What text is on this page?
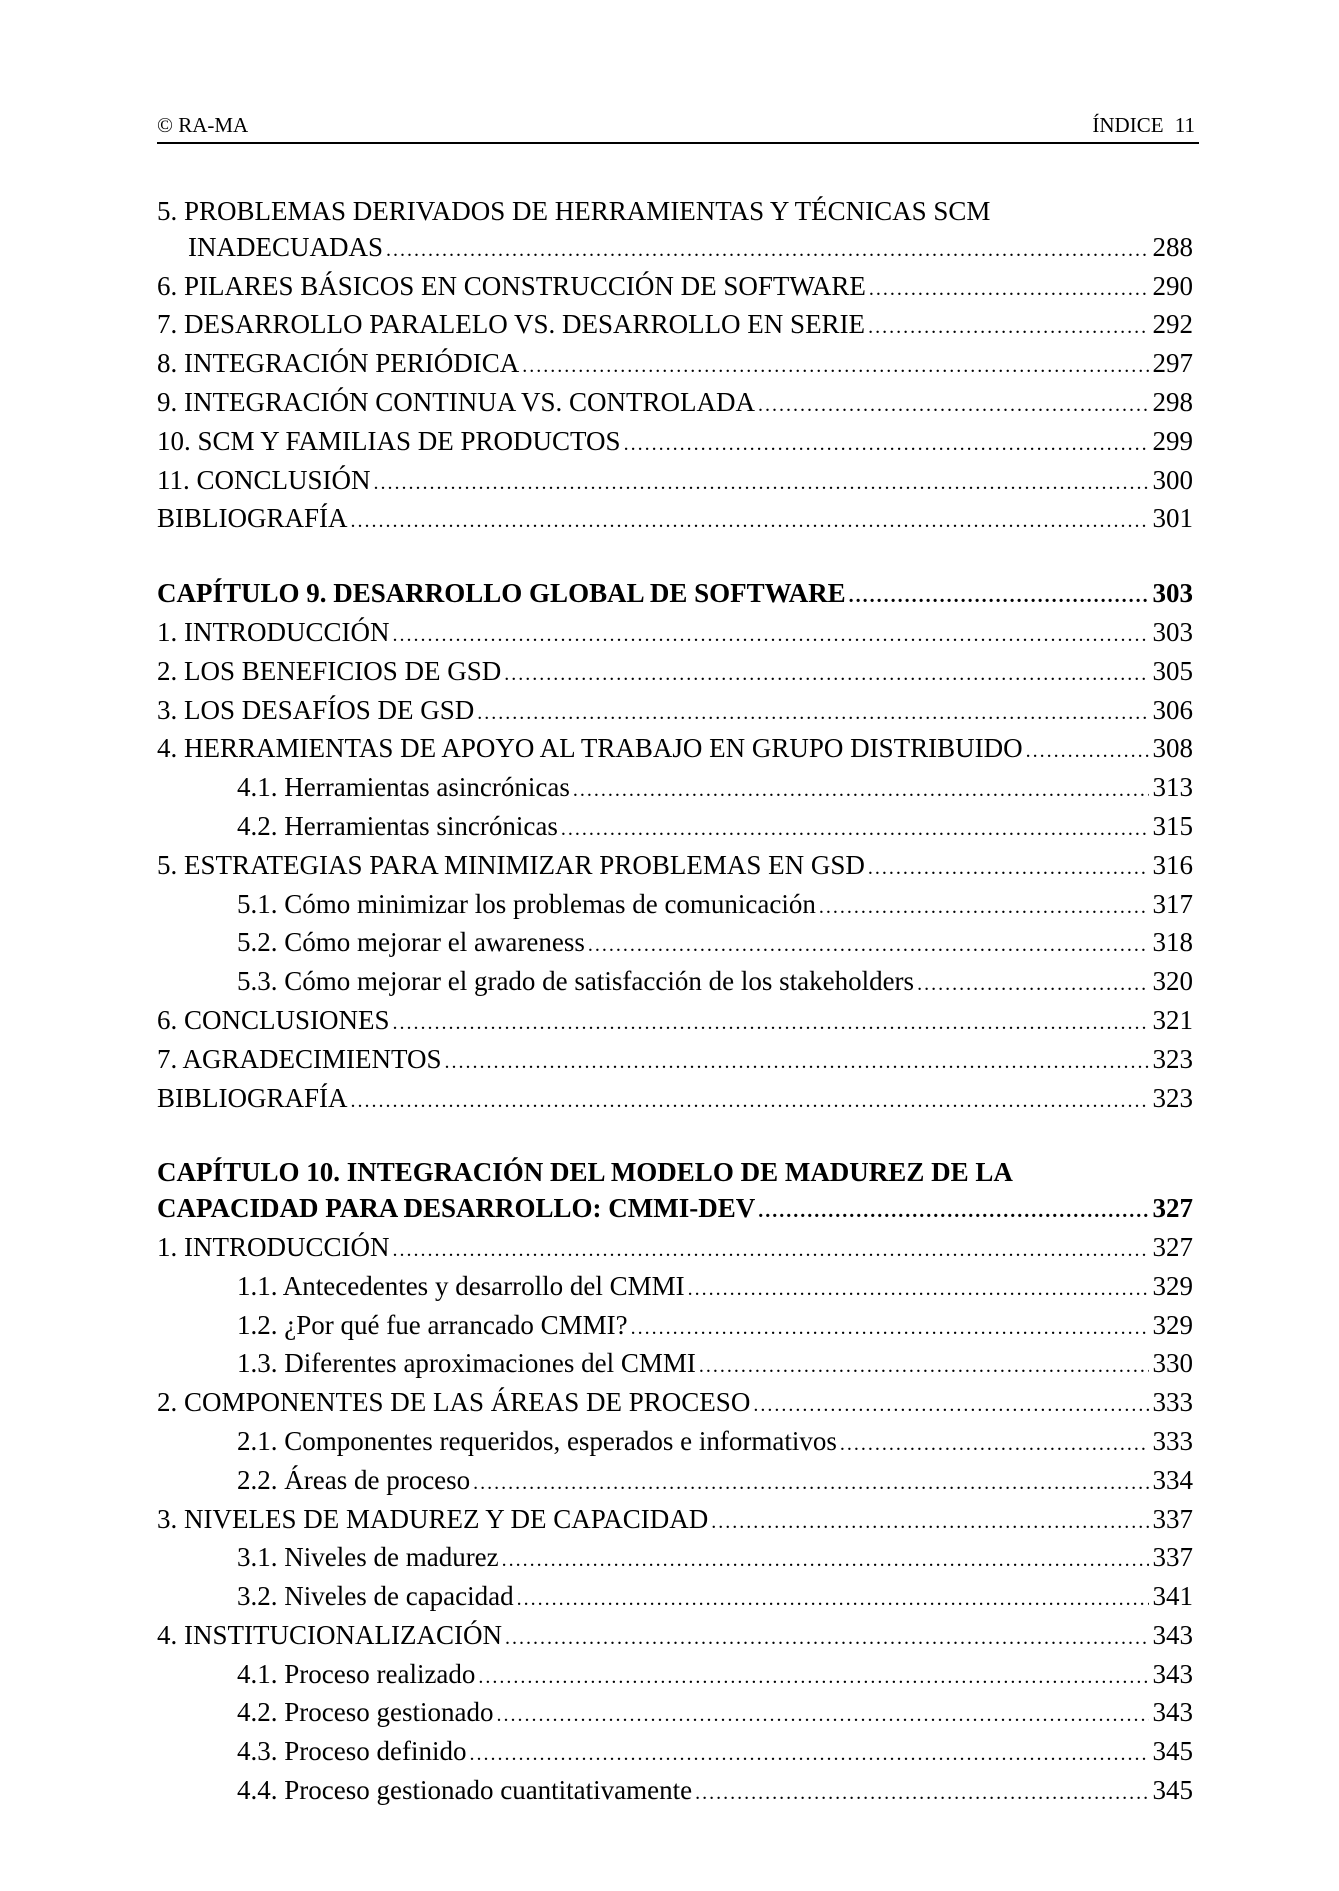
© RA-MA	ÍNDICE 11
5. PROBLEMAS DERIVADOS DE HERRAMIENTAS Y TÉCNICAS SCM
INADECUADAS . . .	288
6. PILARES BÁSICOS EN CONSTRUCCIÓN DE SOFTWARE . . .	290
7. DESARROLLO PARALELO VS. DESARROLLO EN SERIE . . .	292
8. INTEGRACIÓN PERIÓDICA . . .	297
9. INTEGRACIÓN CONTINUA VS. CONTROLADA . . .	298
10. SCM Y FAMILIAS DE PRODUCTOS . . .	299
11. CONCLUSIÓN . . .	300
BIBLIOGRAFÍA . . .	301
CAPÍTULO 9. DESARROLLO GLOBAL DE SOFTWARE . . .	303
1. INTRODUCCIÓN . . .	303
2. LOS BENEFICIOS DE GSD . . .	305
3. LOS DESAFÍOS DE GSD . . .	306
4. HERRAMIENTAS DE APOYO AL TRABAJO EN GRUPO DISTRIBUIDO . . .	308
4.1. Herramientas asincrónicas . . .	313
4.2. Herramientas sincrónicas . . .	315
5. ESTRATEGIAS PARA MINIMIZAR PROBLEMAS EN GSD . . .	316
5.1. Cómo minimizar los problemas de comunicación . . .	317
5.2. Cómo mejorar el awareness . . .	318
5.3. Cómo mejorar el grado de satisfacción de los stakeholders . . .	320
6. CONCLUSIONES . . .	321
7. AGRADECIMIENTOS . . .	323
BIBLIOGRAFÍA . . .	323
CAPÍTULO 10. INTEGRACIÓN DEL MODELO DE MADUREZ DE LA
CAPACIDAD PARA DESARROLLO: CMMI-DEV . . .	327
1. INTRODUCCIÓN . . .	327
1.1. Antecedentes y desarrollo del CMMI . . .	329
1.2. ¿Por qué fue arrancado CMMI? . . .	329
1.3. Diferentes aproximaciones del CMMI . . .	330
2. COMPONENTES DE LAS ÁREAS DE PROCESO . . .	333
2.1. Componentes requeridos, esperados e informativos . . .	333
2.2. Áreas de proceso . . .	334
3. NIVELES DE MADUREZ Y DE CAPACIDAD . . .	337
3.1. Niveles de madurez . . .	337
3.2. Niveles de capacidad . . .	341
4. INSTITUCIONALIZACIÓN . . .	343
4.1. Proceso realizado . . .	343
4.2. Proceso gestionado . . .	343
4.3. Proceso definido . . .	345
4.4. Proceso gestionado cuantitativamente . . .	345
